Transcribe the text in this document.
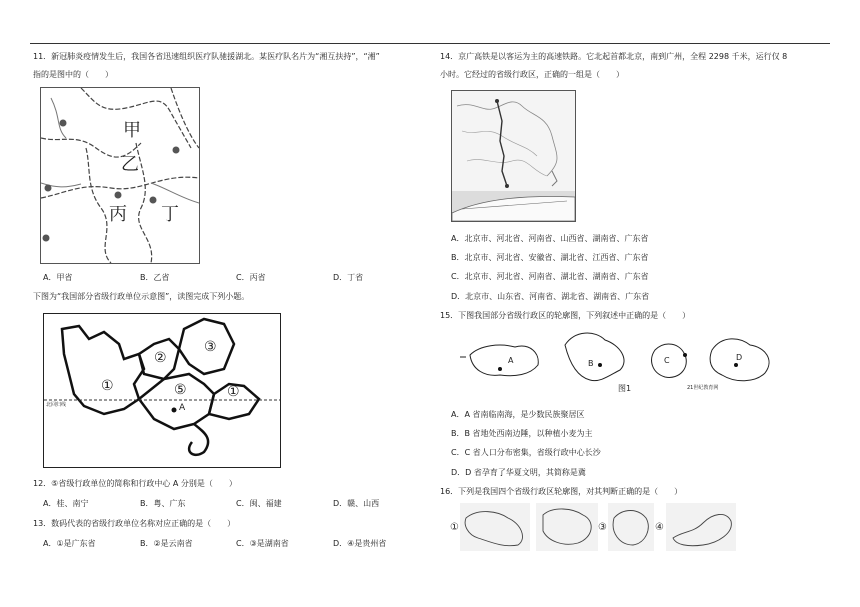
11．新冠肺炎疫情发生后，我国各省迅速组织医疗队驰援湖北。某医疗队名片为“湘互扶持”，“湘”
指的是图中的（　　）
甲
乙
丙 丁
A．甲省	B．乙省	C．丙省	D．丁省
下图为“我国部分省级行政单位示意图”，读图完成下列小题。
①
②
③
⑤	①
A
北回归线
12．⑤省级行政单位的简称和行政中心 A 分别是（　　）
A．桂、南宁	B．粤、广东	C．闽、福建	D．赣、山西
13．数码代表的省级行政单位名称对应正确的是（　　）
A．①是广东省	B．②是云南省	C．③是湖南省	D．④是贵州省
14．京广高铁是以客运为主的高速铁路。它北起首都北京，南到广州，全程 2298 千米，运行仅 8
小时。它经过的省级行政区，正确的一组是（　　）
A．北京市、河北省、河南省、山西省、湖南省、广东省
B．北京市、河北省、安徽省、湖北省、江西省、广东省
C．北京市、河北省、河南省、湖北省、湖南省、广东省
D．北京市、山东省、河南省、湖北省、湖南省、广东省
15．下图我国部分省级行政区的轮廓图，下列叙述中正确的是（　　）
A	B	C	D
图1	21世纪教育网
A．A 省南临南海，是少数民族聚居区
B．B 省地处西南边陲，以种植小麦为主
C．C 省人口分布密集，省级行政中心长沙
D．D 省孕育了华夏文明，其简称是冀
16．下列是我国四个省级行政区轮廓图，对其判断正确的是（　　）
①	③	④
